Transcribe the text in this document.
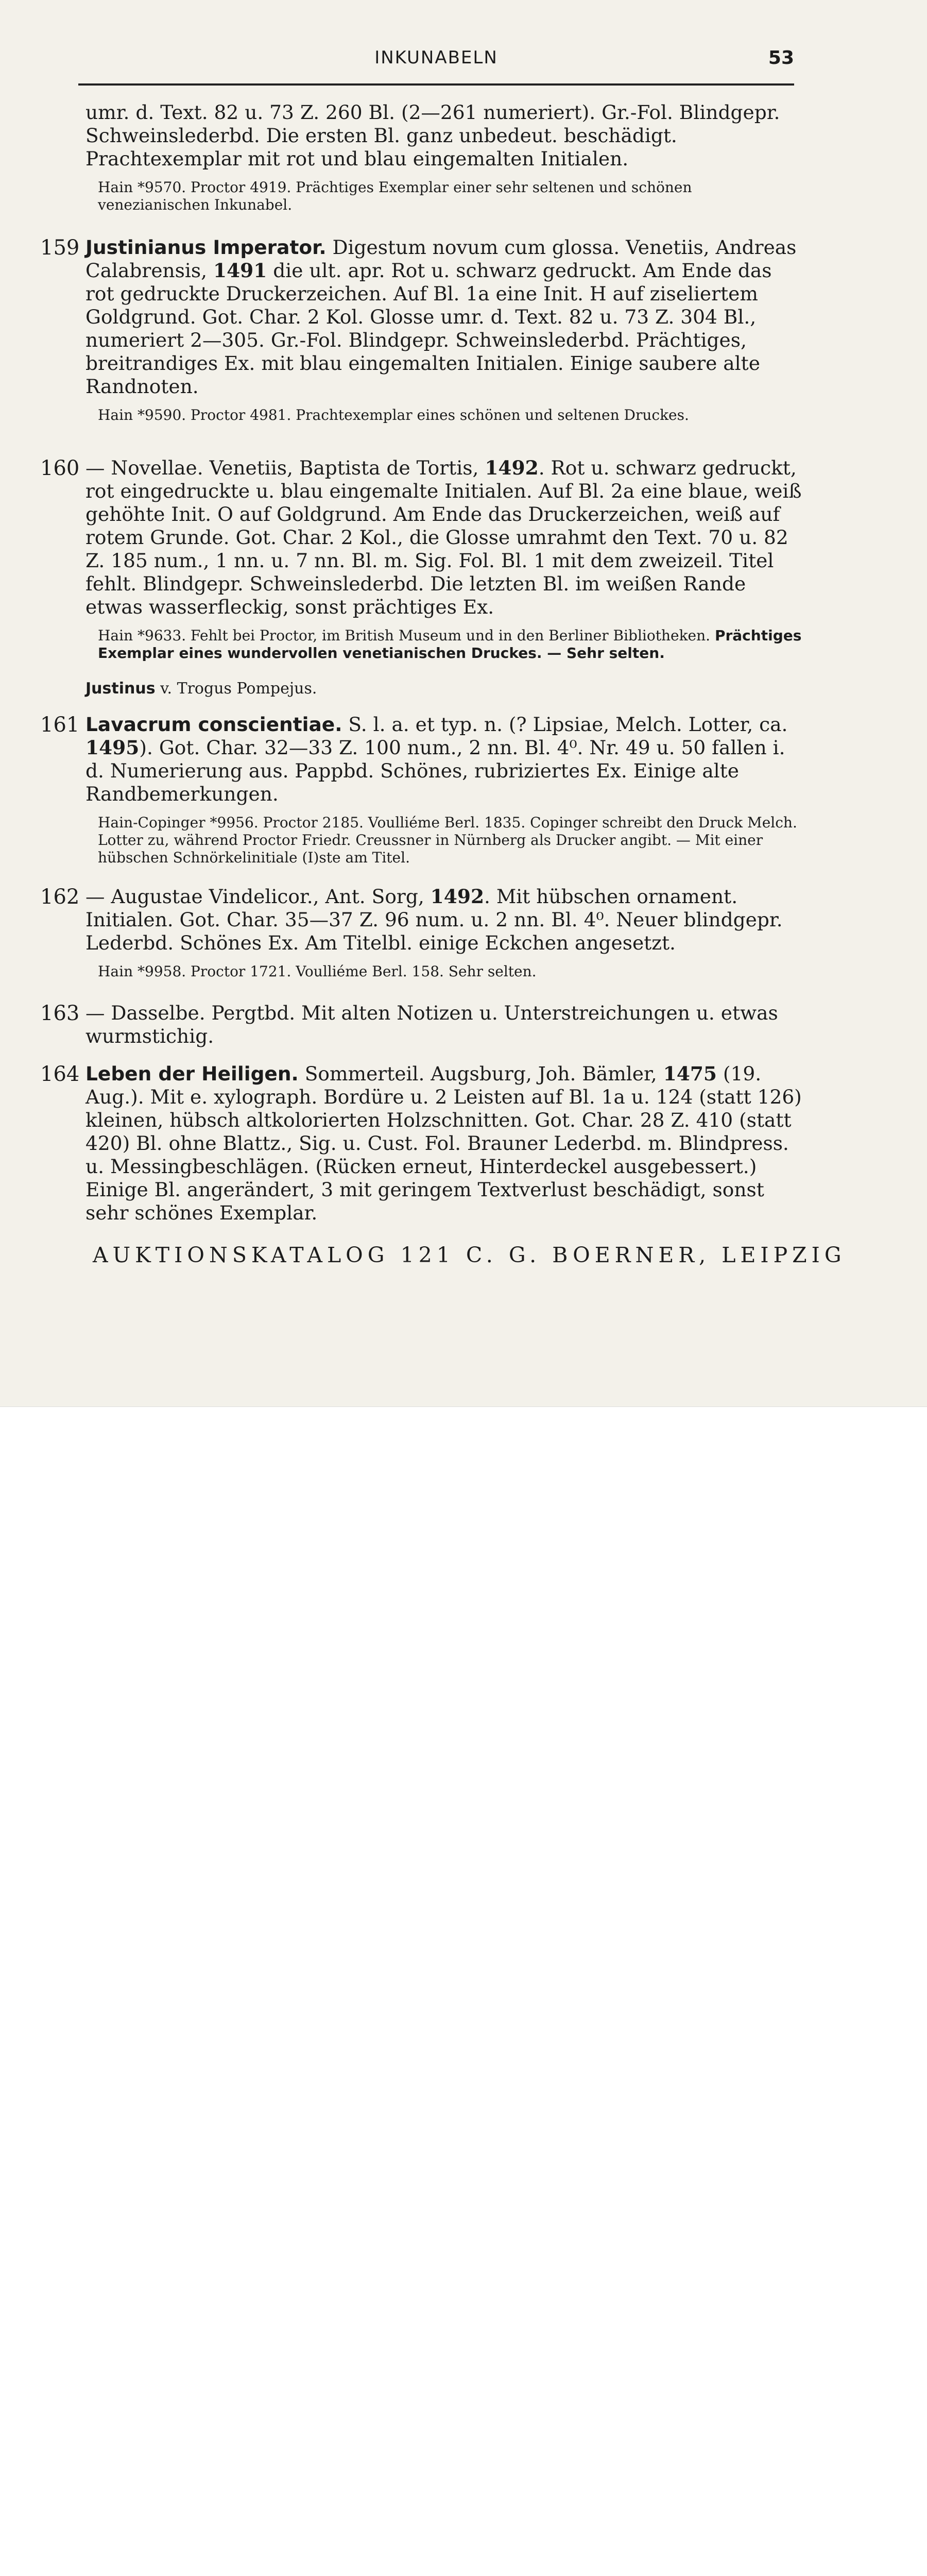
INKUNABELN	53

umr. d. Text. 82 u. 73 Z. 260 Bl. (2—261 numeriert). Gr.-Fol. Blindgepr. Schweinslederbd. Die ersten Bl. ganz unbedeut. beschädigt. Prachtexemplar mit rot und blau eingemalten Initialen.

Hain *9570. Proctor 4919. Prächtiges Exemplar einer sehr seltenen und schönen venezianischen Inkunabel.

159 Justinianus Imperator. Digestum novum cum glossa. Venetiis, Andreas Calabrensis, 1491 die ult. apr. Rot u. schwarz gedruckt. Am Ende das rot gedruckte Druckerzeichen. Auf Bl. 1a eine Init. H auf ziseliertem Goldgrund. Got. Char. 2 Kol. Glosse umr. d. Text. 82 u. 73 Z. 304 Bl., numeriert 2—305. Gr.-Fol. Blindgepr. Schweinslederbd. Prächtiges, breitrandiges Ex. mit blau eingemalten Initialen. Einige saubere alte Randnoten.

Hain *9590. Proctor 4981. Prachtexemplar eines schönen und seltenen Druckes.

160 — Novellae. Venetiis, Baptista de Tortis, 1492. Rot u. schwarz gedruckt, rot eingedruckte u. blau eingemalte Initialen. Auf Bl. 2a eine blaue, weiß gehöhte Init. O auf Goldgrund. Am Ende das Druckerzeichen, weiß auf rotem Grunde. Got. Char. 2 Kol., die Glosse umrahmt den Text. 70 u. 82 Z. 185 num., 1 nn. u. 7 nn. Bl. m. Sig. Fol. Bl. 1 mit dem zweizeil. Titel fehlt. Blindgepr. Schweinslederbd. Die letzten Bl. im weißen Rande etwas wasserfleckig, sonst prächtiges Ex.

Hain *9633. Fehlt bei Proctor, im British Museum und in den Berliner Bibliotheken. Prächtiges Exemplar eines wundervollen venetianischen Druckes. — Sehr selten.

Justinus v. Trogus Pompejus.

161 Lavacrum conscientiae. S. l. a. et typ. n. (? Lipsiae, Melch. Lotter, ca. 1495). Got. Char. 32—33 Z. 100 num., 2 nn. Bl. 4⁰. Nr. 49 u. 50 fallen i. d. Numerierung aus. Pappbd. Schönes, rubriziertes Ex. Einige alte Randbemerkungen.

Hain-Copinger *9956. Proctor 2185. Voulliéme Berl. 1835. Copinger schreibt den Druck Melch. Lotter zu, während Proctor Friedr. Creussner in Nürnberg als Drucker angibt. — Mit einer hübschen Schnörkelinitiale (I)ste am Titel.

162 — Augustae Vindelicor., Ant. Sorg, 1492. Mit hübschen ornament. Initialen. Got. Char. 35—37 Z. 96 num. u. 2 nn. Bl. 4⁰. Neuer blindgepr. Lederbd. Schönes Ex. Am Titelbl. einige Eckchen angesetzt.

Hain *9958. Proctor 1721. Voulliéme Berl. 158. Sehr selten.

163 — Dasselbe. Pergtbd. Mit alten Notizen u. Unterstreichungen u. etwas wurmstichig.

164 Leben der Heiligen. Sommerteil. Augsburg, Joh. Bämler, 1475 (19. Aug.). Mit e. xylograph. Bordüre u. 2 Leisten auf Bl. 1a u. 124 (statt 126) kleinen, hübsch altkolorierten Holzschnitten. Got. Char. 28 Z. 410 (statt 420) Bl. ohne Blattz., Sig. u. Cust. Fol. Brauner Lederbd. m. Blindpress. u. Messingbeschlägen. (Rücken erneut, Hinterdeckel ausgebessert.) Einige Bl. angerändert, 3 mit geringem Textverlust beschädigt, sonst sehr schönes Exemplar.

AUKTIONSKATALOG 121 C. G. BOERNER, LEIPZIG
